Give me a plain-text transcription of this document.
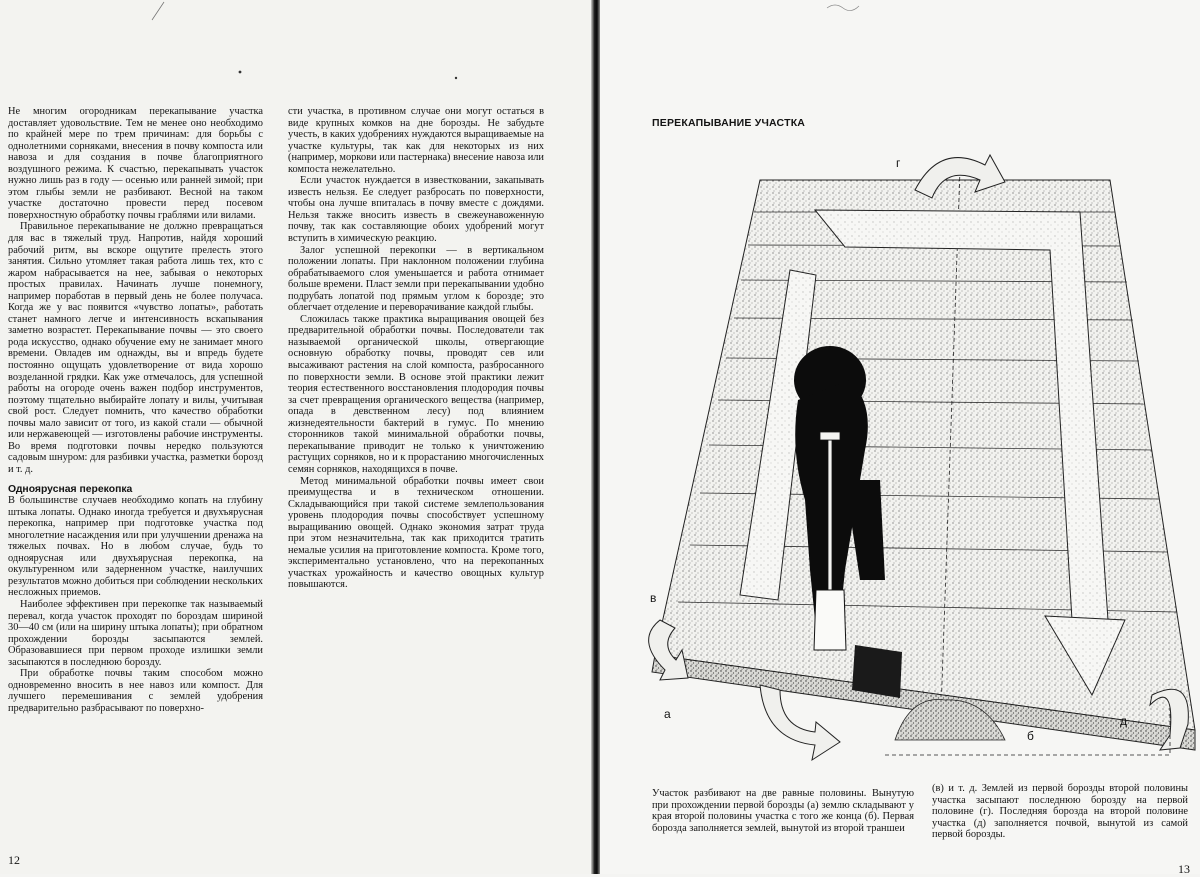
Не многим огородникам перекапывание участка доставляет удовольствие. Тем не менее оно необходимо по крайней мере по трем причинам: для борьбы с однолетними сорняками, внесения в почву компоста или навоза и для создания в почве благоприятного воздушного режима. К счастью, перекапывать участок нужно лишь раз в году — осенью или ранней зимой; при этом глыбы земли не разбивают. Весной на таком участке достаточно провести перед посевом поверхностную обработку почвы граблями или вилами.

Правильное перекапывание не должно превращаться для вас в тяжелый труд. Напротив, найдя хороший рабочий ритм, вы вскоре ощутите прелесть этого занятия. Сильно утомляет такая работа лишь тех, кто с жаром набрасывается на нее, забывая о некоторых простых правилах. Начинать лучше понемногу, например поработав в первый день не более получаса. Когда же у вас появится «чувство лопаты», работать станет намного легче и интенсивность вскапывания заметно возрастет. Перекапывание почвы — это своего рода искусство, однако обучение ему не занимает много времени. Овладев им однажды, вы и впредь будете постоянно ощущать удовлетворение от вида хорошо возделанной грядки. Как уже отмечалось, для успешной работы на огороде очень важен подбор инструментов, поэтому тщательно выбирайте лопату и вилы, учитывая свой рост. Следует помнить, что качество обработки почвы мало зависит от того, из какой стали — обычной или нержавеющей — изготовлены рабочие инструменты. Во время подготовки почвы нередко пользуются садовым шнуром: для разбивки участка, разметки борозд и т. д.

Одноярусная перекопка

В большинстве случаев необходимо копать на глубину штыка лопаты. Однако иногда требуется и двухъярусная перекопка, например при подготовке участка под многолетние насаждения или при улучшении дренажа на тяжелых почвах. Но в любом случае, будь то одноярусная или двухъярусная перекопка, на окультуренном или задерненном участке, наилучших результатов можно добиться при соблюдении нескольких несложных приемов.

Наиболее эффективен при перекопке так называемый перевал, когда участок проходят по бороздам шириной 30—40 см (или на ширину штыка лопаты); при обратном прохождении борозды засыпаются землей. Образовавшиеся при первом проходе излишки земли засыпаются в последнюю борозду.

При обработке почвы таким способом можно одновременно вносить в нее навоз или компост. Для лучшего перемешивания с землей удобрения предварительно разбрасывают по поверхно-

сти участка, в противном случае они могут остаться в виде крупных комков на дне борозды. Не забудьте учесть, в каких удобрениях нуждаются выращиваемые на участке культуры, так как для некоторых из них (например, моркови или пастернака) внесение навоза или компоста нежелательно.

Если участок нуждается в известковании, закапывать известь нельзя. Ее следует разбросать по поверхности, чтобы она лучше впиталась в почву вместе с дождями. Нельзя также вносить известь в свежеунавоженную почву, так как составляющие обоих удобрений могут вступить в химическую реакцию.

Залог успешной перекопки — в вертикальном положении лопаты. При наклонном положении глубина обрабатываемого слоя уменьшается и работа отнимает больше времени. Пласт земли при перекапывании удобно подрубать лопатой под прямым углом к борозде; это облегчает отделение и переворачивание каждой глыбы.

Сложилась также практика выращивания овощей без предварительной обработки почвы. Последователи так называемой органической школы, отвергающие основную обработку почвы, проводят сев или высаживают растения на слой компоста, разбросанного по поверхности земли. В основе этой практики лежит теория естественного восстановления плодородия почвы за счет превращения органического вещества (например, опада в девственном лесу) под влиянием жизнедеятельности бактерий в гумус. По мнению сторонников такой минимальной обработки почвы, перекапывание приводит не только к уничтожению растущих сорняков, но и к прорастанию многочисленных семян сорняков, находящихся в почве.

Метод минимальной обработки почвы имеет свои преимущества и в техническом отношении. Складывающийся при такой системе землепользования уровень плодородия почвы способствует успешному выращиванию овощей. Однако экономия затрат труда при этом незначительна, так как приходится тратить немалые усилия на приготовление компоста. Кроме того, экспериментально установлено, что на перекопанных участках урожайность и качество овощных культур повышаются.

12
ПЕРЕКАПЫВАНИЕ УЧАСТКА
г
в
а
б
д
Участок разбивают на две равные половины. Вынутую при прохождении первой борозды (а) землю складывают у края второй половины участка с того же конца (б). Первая борозда заполняется землей, вынутой из второй траншеи
(в) и т. д. Землей из первой борозды второй половины участка засыпают последнюю борозду на первой половине (г). Последняя борозда на второй половине участка (д) заполняется почвой, вынутой из самой первой борозды.
13
